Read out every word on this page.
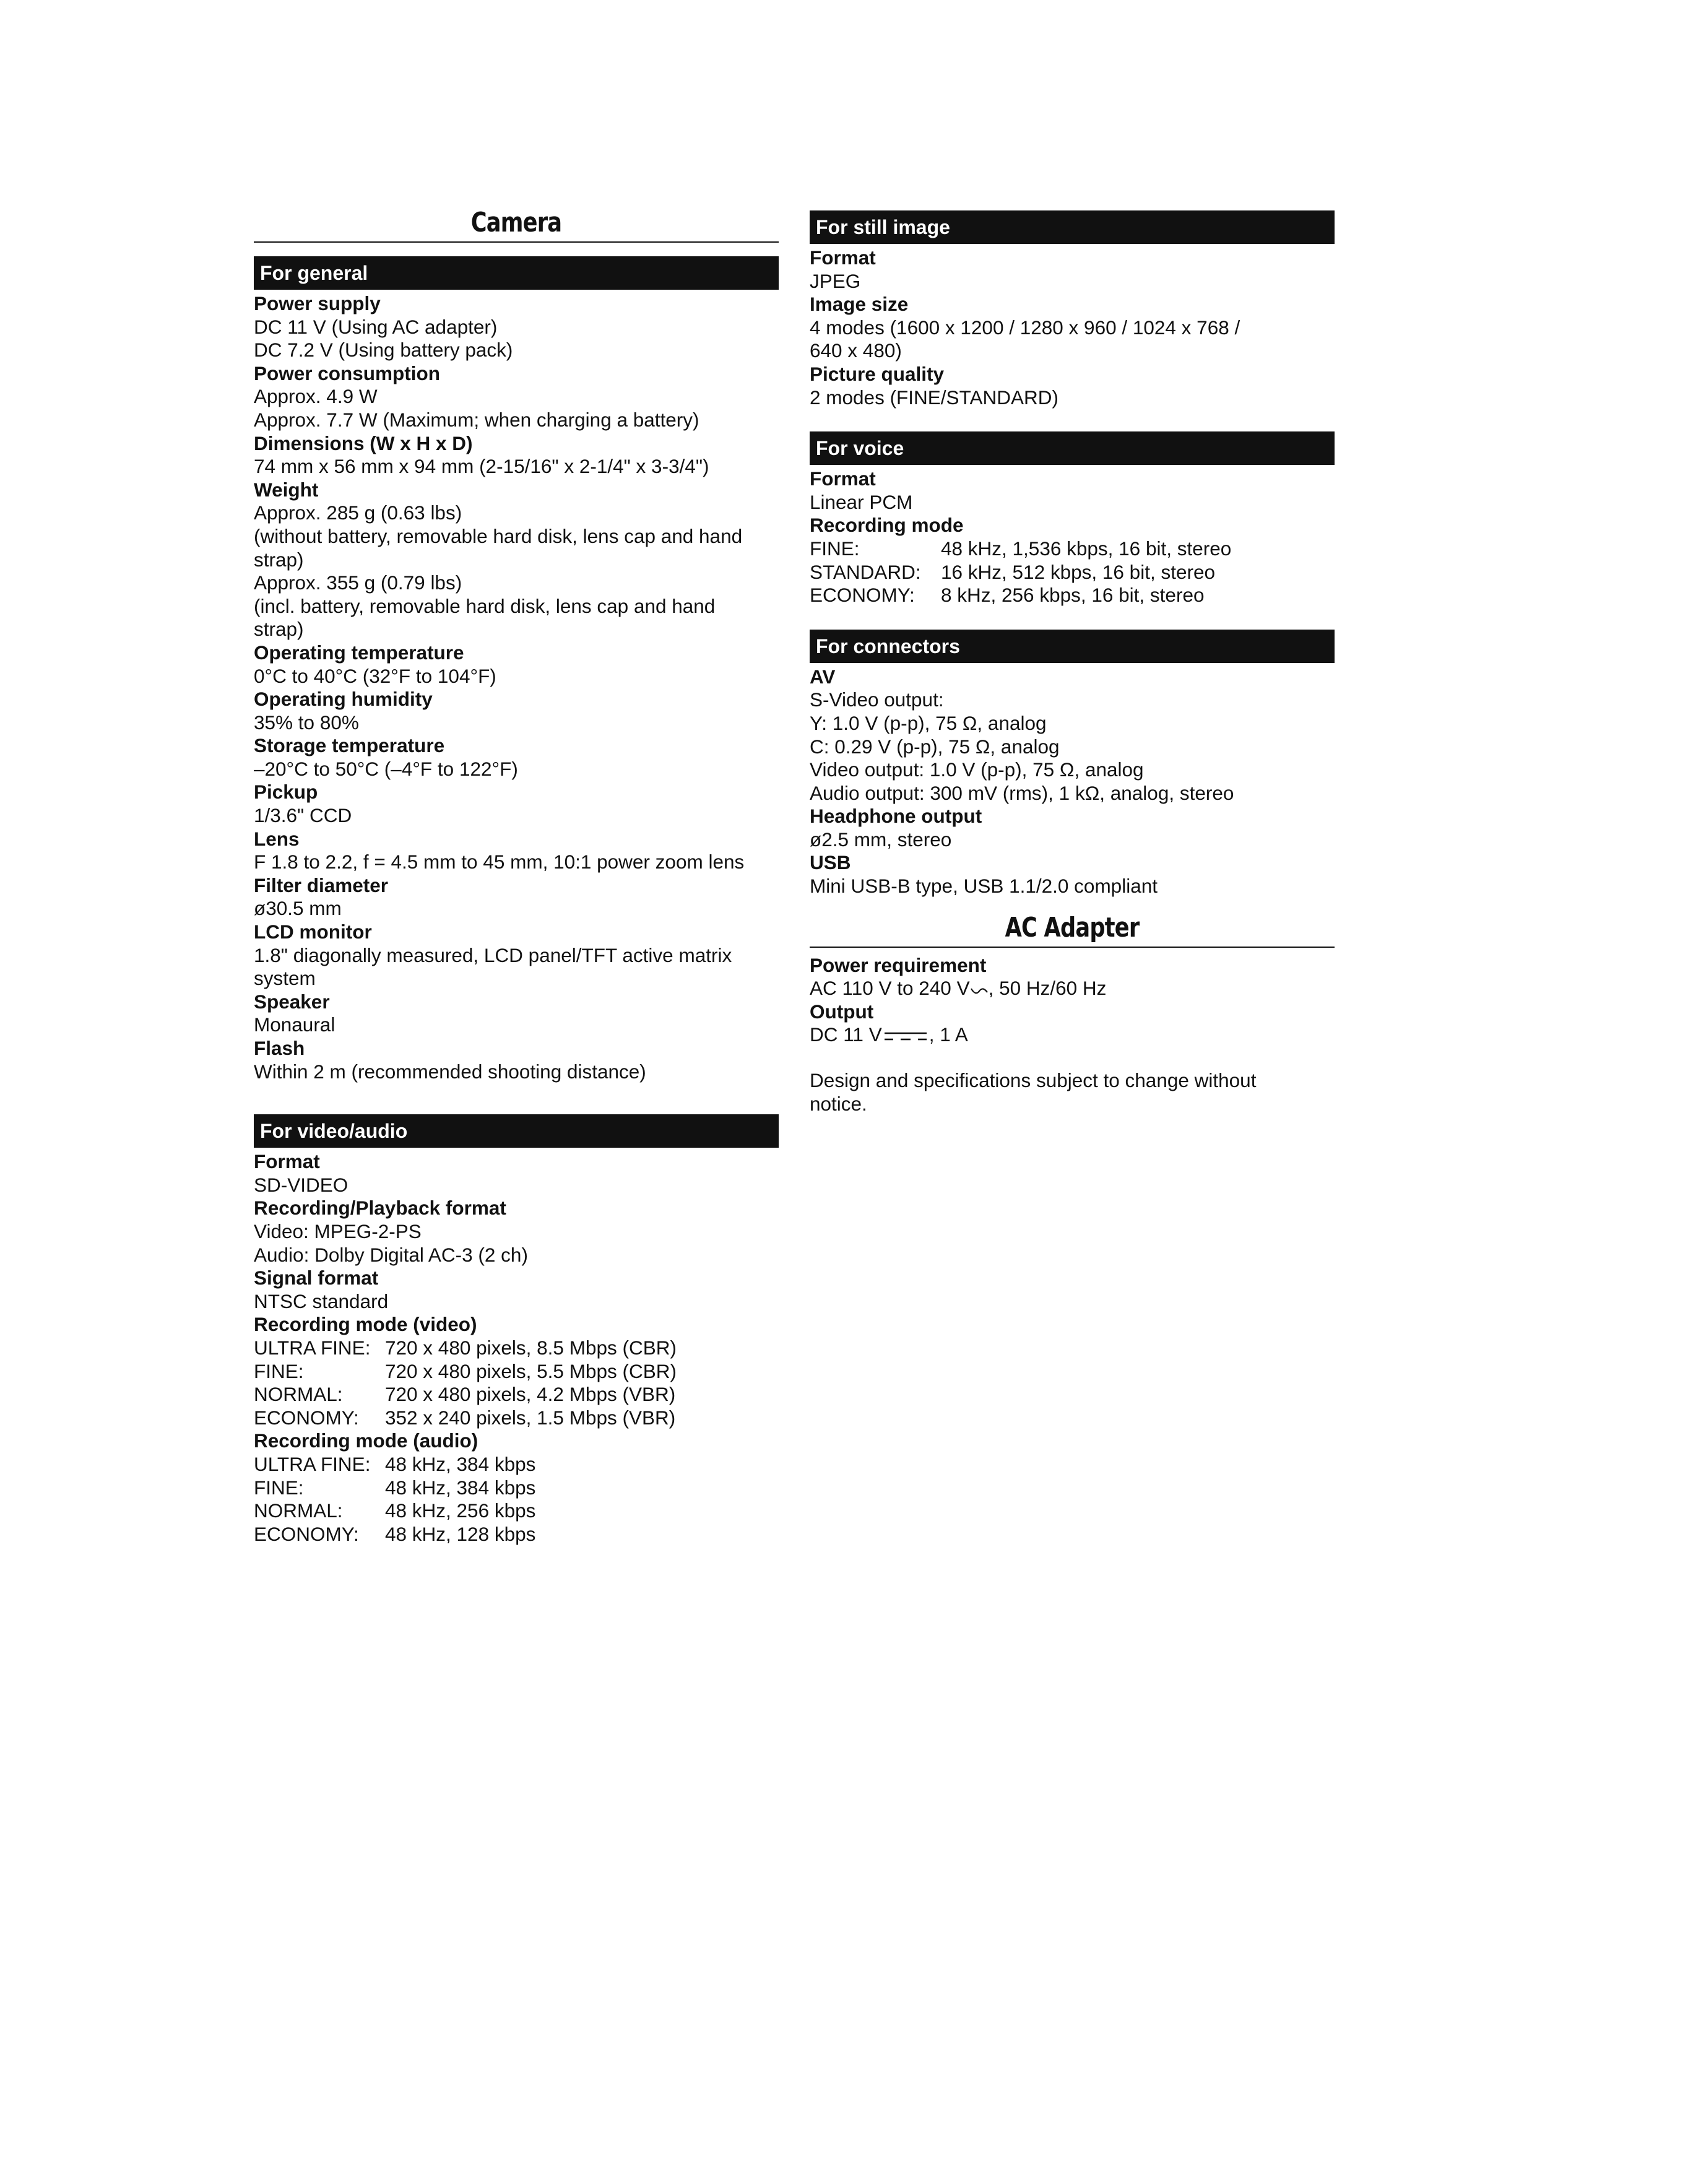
Camera
For general
Power supply
DC 11 V (Using AC adapter)
DC 7.2 V (Using battery pack)
Power consumption
Approx. 4.9 W
Approx. 7.7 W (Maximum; when charging a battery)
Dimensions (W x H x D)
74 mm x 56 mm x 94 mm (2-15/16" x 2-1/4" x 3-3/4")
Weight
Approx. 285 g (0.63 lbs)
(without battery, removable hard disk, lens cap and hand
strap)
Approx. 355 g (0.79 lbs)
(incl. battery, removable hard disk, lens cap and hand
strap)
Operating temperature
0°C to 40°C (32°F to 104°F)
Operating humidity
35% to 80%
Storage temperature
–20°C to 50°C (–4°F to 122°F)
Pickup
1/3.6" CCD
Lens
F 1.8 to 2.2, f = 4.5 mm to 45 mm, 10:1 power zoom lens
Filter diameter
ø30.5 mm
LCD monitor
1.8" diagonally measured, LCD panel/TFT active matrix
system
Speaker
Monaural
Flash
Within 2 m (recommended shooting distance)
For video/audio
Format
SD-VIDEO
Recording/Playback format
Video: MPEG-2-PS
Audio: Dolby Digital AC-3 (2 ch)
Signal format
NTSC standard
Recording mode (video)
ULTRA FINE: 720 x 480 pixels, 8.5 Mbps (CBR)
FINE:	720 x 480 pixels, 5.5 Mbps (CBR)
NORMAL:	720 x 480 pixels, 4.2 Mbps (VBR)
ECONOMY:	352 x 240 pixels, 1.5 Mbps (VBR)
Recording mode (audio)
ULTRA FINE: 48 kHz, 384 kbps
FINE:	48 kHz, 384 kbps
NORMAL:	48 kHz, 256 kbps
ECONOMY:	48 kHz, 128 kbps
For still image
Format
JPEG
Image size
4 modes (1600 x 1200 / 1280 x 960 / 1024 x 768 /
640 x 480)
Picture quality
2 modes (FINE/STANDARD)
For voice
Format
Linear PCM
Recording mode
FINE:	48 kHz, 1,536 kbps, 16 bit, stereo
STANDARD:	16 kHz, 512 kbps, 16 bit, stereo
ECONOMY:	8 kHz, 256 kbps, 16 bit, stereo
For connectors
AV
S-Video output:
Y: 1.0 V (p-p), 75 Ω, analog
C: 0.29 V (p-p), 75 Ω, analog
Video output: 1.0 V (p-p), 75 Ω, analog
Audio output: 300 mV (rms), 1 kΩ, analog, stereo
Headphone output
ø2.5 mm, stereo
USB
Mini USB-B type, USB 1.1/2.0 compliant
AC Adapter
Power requirement
AC 110 V to 240 V , 50 Hz/60 Hz
Output
DC 11 V , 1 A
Design and specifications subject to change without
notice.
